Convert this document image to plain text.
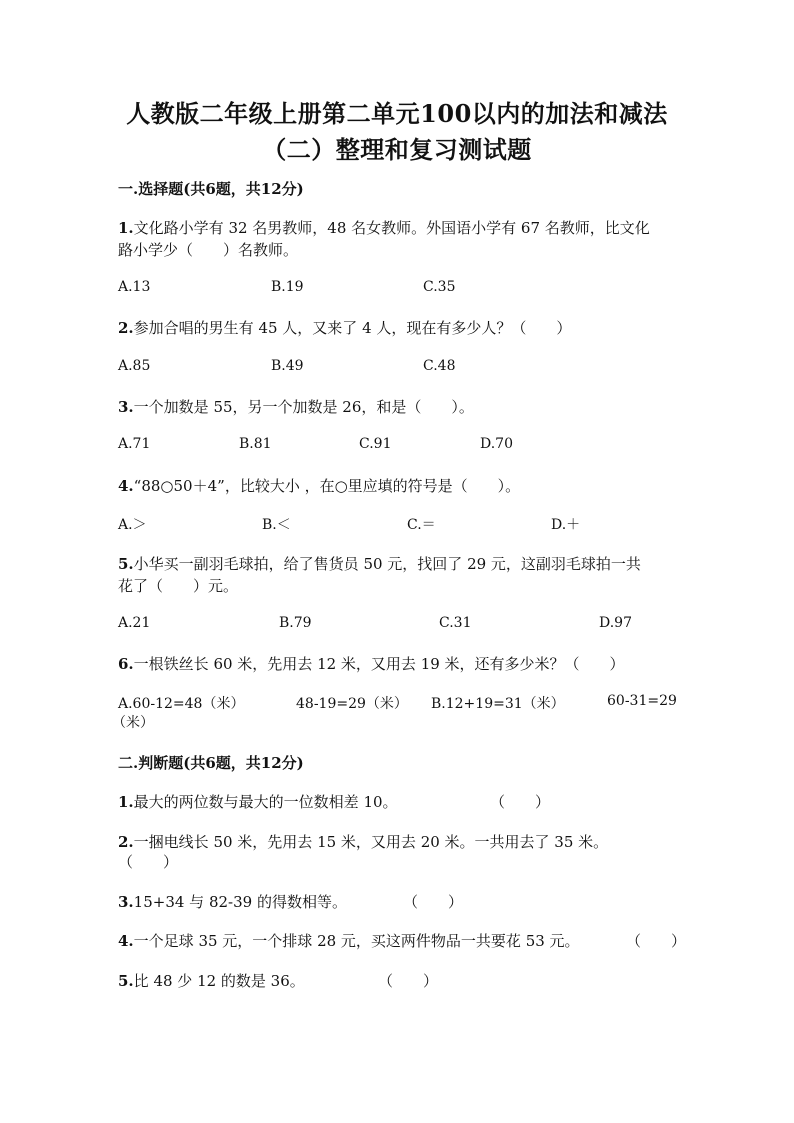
人教版二年级上册第二单元100以内的加法和减法
（二）整理和复习测试题
一.选择题(共6题，共12分)
1.文化路小学有 32 名男教师，48 名女教师。外国语小学有 67 名教师，比文化
路小学少（　　）名教师。
A.13	B.19	C.35
2.参加合唱的男生有 45 人，又来了 4 人，现在有多少人？（　　）
A.85	B.49	C.48
3.一个加数是 55，另一个加数是 26，和是（　　）。
A.71	B.81	C.91	D.70
4.“88○50＋4”，比较大小 ，在○里应填的符号是（　　）。
A.＞	B.＜	C.＝	D.＋
5.小华买一副羽毛球拍，给了售货员 50 元，找回了 29 元，这副羽毛球拍一共
花了（　　）元。
A.21	B.79	C.31	D.97
6.一根铁丝长 60 米，先用去 12 米，又用去 19 米，还有多少米？（　　）
A.60-12=48（米）	48-19=29（米） B.12+19=31（米）	60-31=29
（米）
二.判断题(共6题，共12分)
1.最大的两位数与最大的一位数相差 10。	（　　）
2.一捆电线长 50 米，先用去 15 米，又用去 20 米。一共用去了 35 米。
（　　）
3.15+34 与 82-39 的得数相等。	（　　）
4.一个足球 35 元，一个排球 28 元，买这两件物品一共要花 53 元。	（　　）
5.比 48 少 12 的数是 36。	（　　）
